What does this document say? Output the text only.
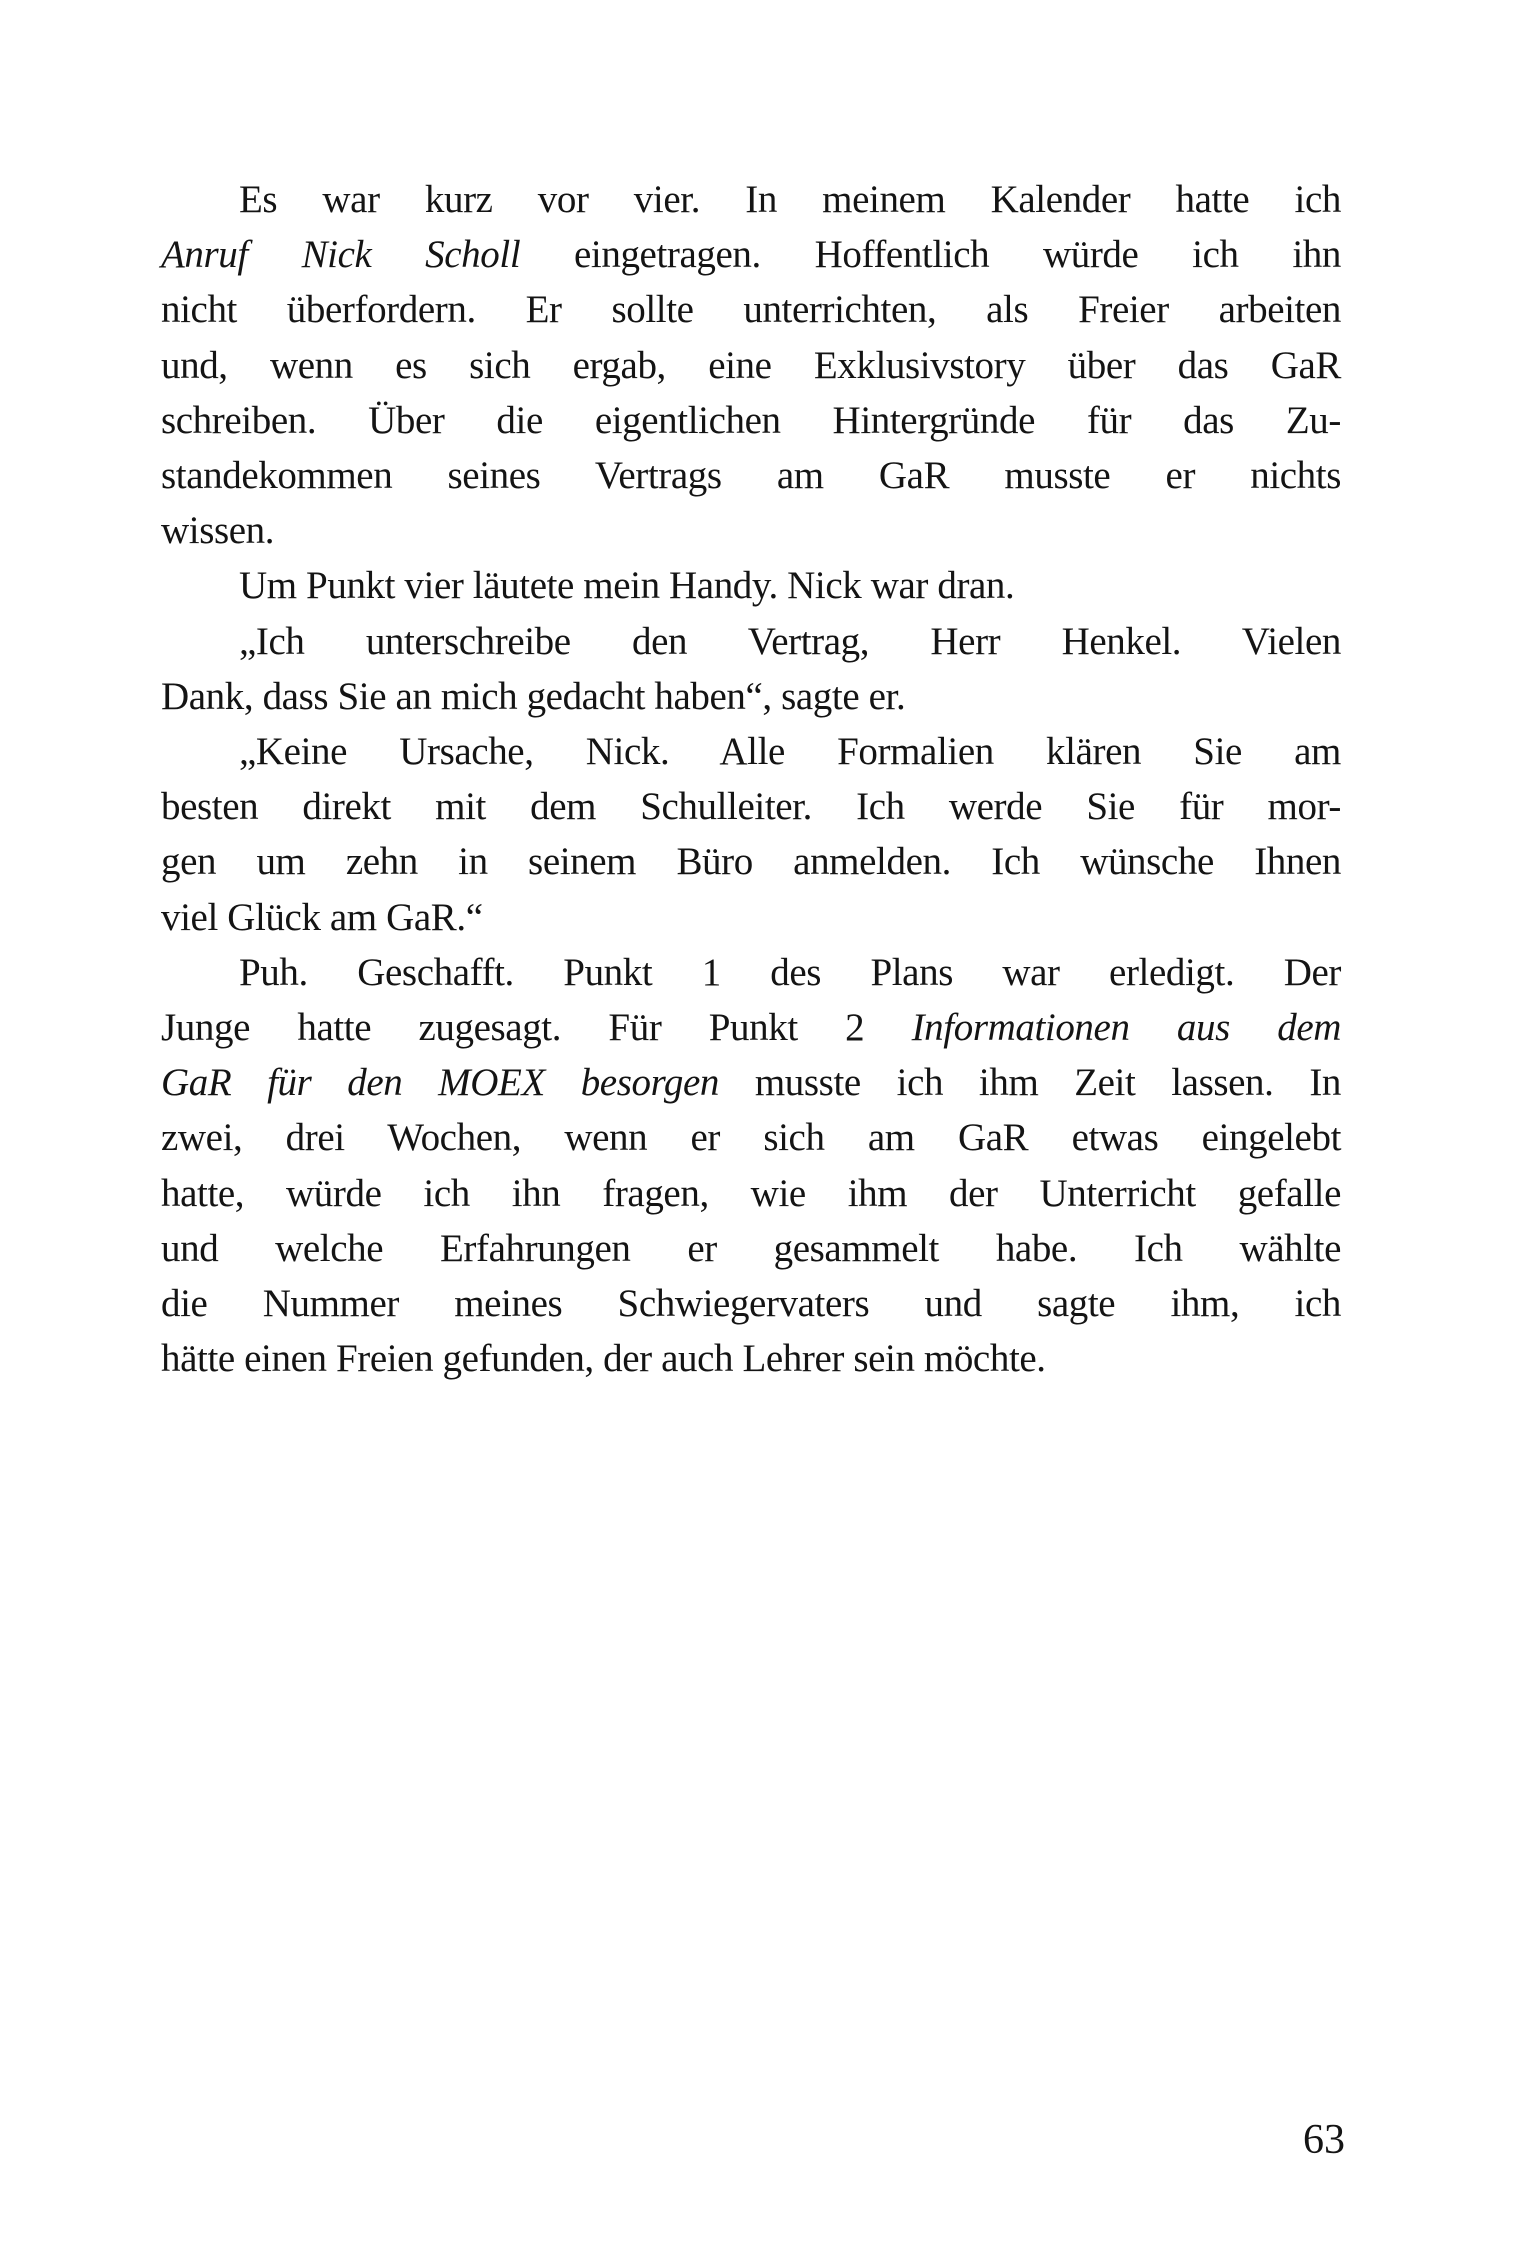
Es war kurz vor vier. In meinem Kalender hatte ich
Anruf Nick Scholl eingetragen. Hoffentlich würde ich ihn
nicht überfordern. Er sollte unterrichten, als Freier arbeiten
und, wenn es sich ergab, eine Exklusivstory über das GaR
schreiben. Über die eigentlichen Hintergründe für das Zu-
standekommen seines Vertrags am GaR musste er nichts
wissen.
Um Punkt vier läutete mein Handy. Nick war dran.
„Ich unterschreibe den Vertrag, Herr Henkel. Vielen
Dank, dass Sie an mich gedacht haben“, sagte er.
„Keine Ursache, Nick. Alle Formalien klären Sie am
besten direkt mit dem Schulleiter. Ich werde Sie für mor-
gen um zehn in seinem Büro anmelden. Ich wünsche Ihnen
viel Glück am GaR.“
Puh. Geschafft. Punkt 1 des Plans war erledigt. Der
Junge hatte zugesagt. Für Punkt 2 Informationen aus dem
GaR für den MOEX besorgen musste ich ihm Zeit lassen. In
zwei, drei Wochen, wenn er sich am GaR etwas eingelebt
hatte, würde ich ihn fragen, wie ihm der Unterricht gefalle
und welche Erfahrungen er gesammelt habe. Ich wählte
die Nummer meines Schwiegervaters und sagte ihm, ich
hätte einen Freien gefunden, der auch Lehrer sein möchte.
63
